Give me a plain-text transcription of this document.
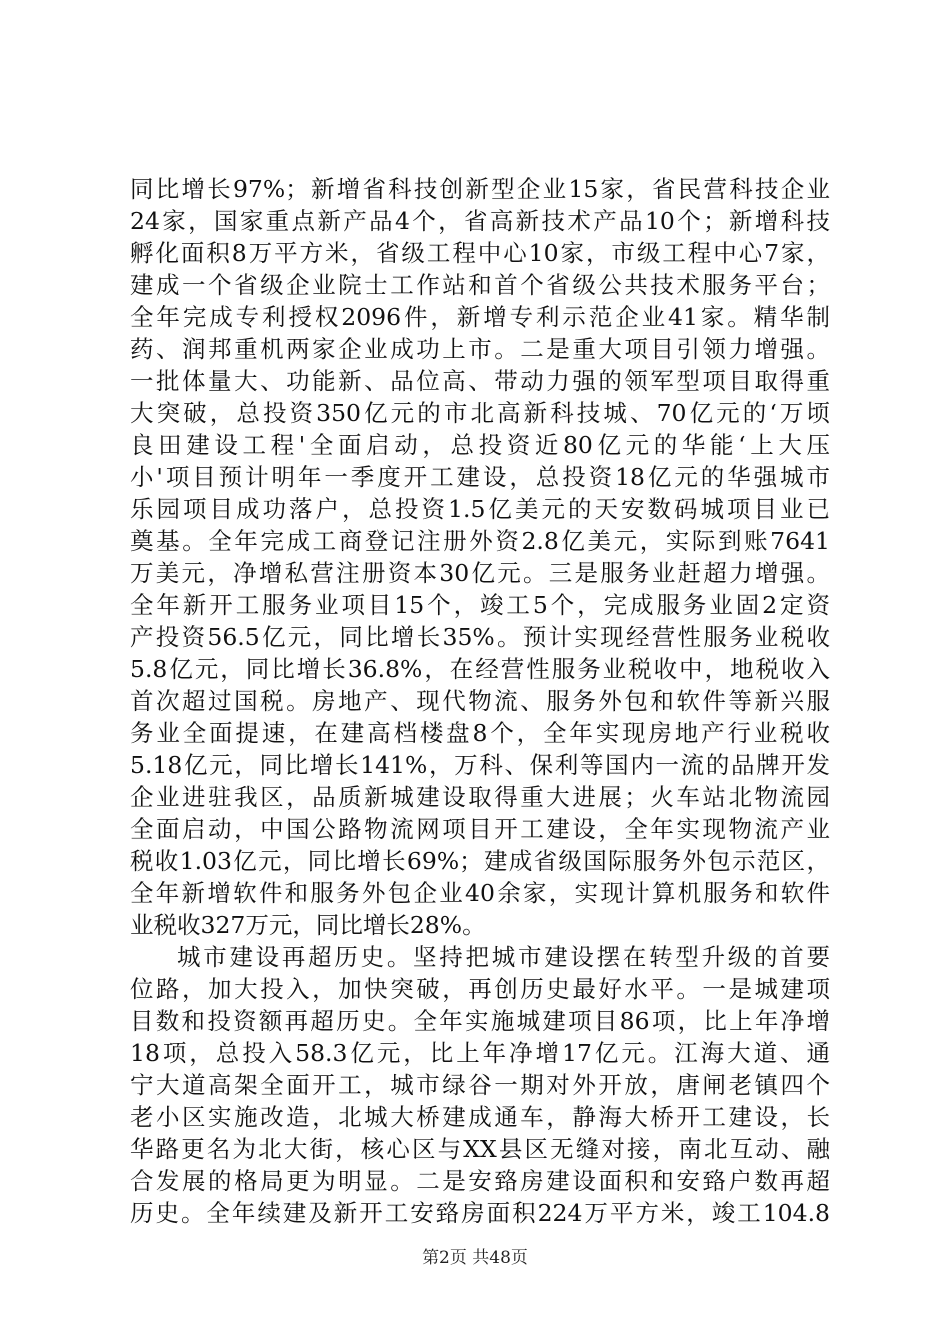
同比增长97%；新增省科技创新型企业15家，省民营科技企业
24家，国家重点新产品4个，省高新技术产品10个；新增科技
孵化面积8万平方米，省级工程中心10家，市级工程中心7家，
建成一个省级企业院士工作站和首个省级公共技术服务平台；
全年完成专利授权2096件，新增专利示范企业41家。精华制
药、润邦重机两家企业成功上市。二是重大项目引领力增强。
一批体量大、功能新、品位高、带动力强的领军型项目取得重
大突破，总投资350亿元的市北高新科技城、70亿元的‘万顷
良田建设工程'全面启动，总投资近80亿元的华能‘上大压
小'项目预计明年一季度开工建设，总投资18亿元的华强城市
乐园项目成功落户，总投资1.5亿美元的天安数码城项目业已
奠基。全年完成工商登记注册外资2.8亿美元，实际到账7641
万美元，净增私营注册资本30亿元。三是服务业赶超力增强。
全年新开工服务业项目15个，竣工5个，完成服务业固2定资
产投资56.5亿元，同比增长35%。预计实现经营性服务业税收
5.8亿元，同比增长36.8%，在经营性服务业税收中，地税收入
首次超过国税。房地产、现代物流、服务外包和软件等新兴服
务业全面提速，在建高档楼盘8个，全年实现房地产行业税收
5.18亿元，同比增长141%，万科、保利等国内一流的品牌开发
企业进驻我区，品质新城建设取得重大进展；火车站北物流园
全面启动，中国公路物流网项目开工建设，全年实现物流产业
税收1.03亿元，同比增长69%；建成省级国际服务外包示范区，
全年新增软件和服务外包企业40余家，实现计算机服务和软件
业税收327万元，同比增长28%。
城市建设再超历史。坚持把城市建设摆在转型升级的首要
位路，加大投入，加快突破，再创历史最好水平。一是城建项
目数和投资额再超历史。全年实施城建项目86项，比上年净增
18项，总投入58.3亿元，比上年净增17亿元。江海大道、通
宁大道高架全面开工，城市绿谷一期对外开放，唐闸老镇四个
老小区实施改造，北城大桥建成通车，静海大桥开工建设，长
华路更名为北大街，核心区与XX县区无缝对接，南北互动、融
合发展的格局更为明显。二是安臵房建设面积和安臵户数再超
历史。全年续建及新开工安臵房面积224万平方米，竣工104.8
第2页 共48页
